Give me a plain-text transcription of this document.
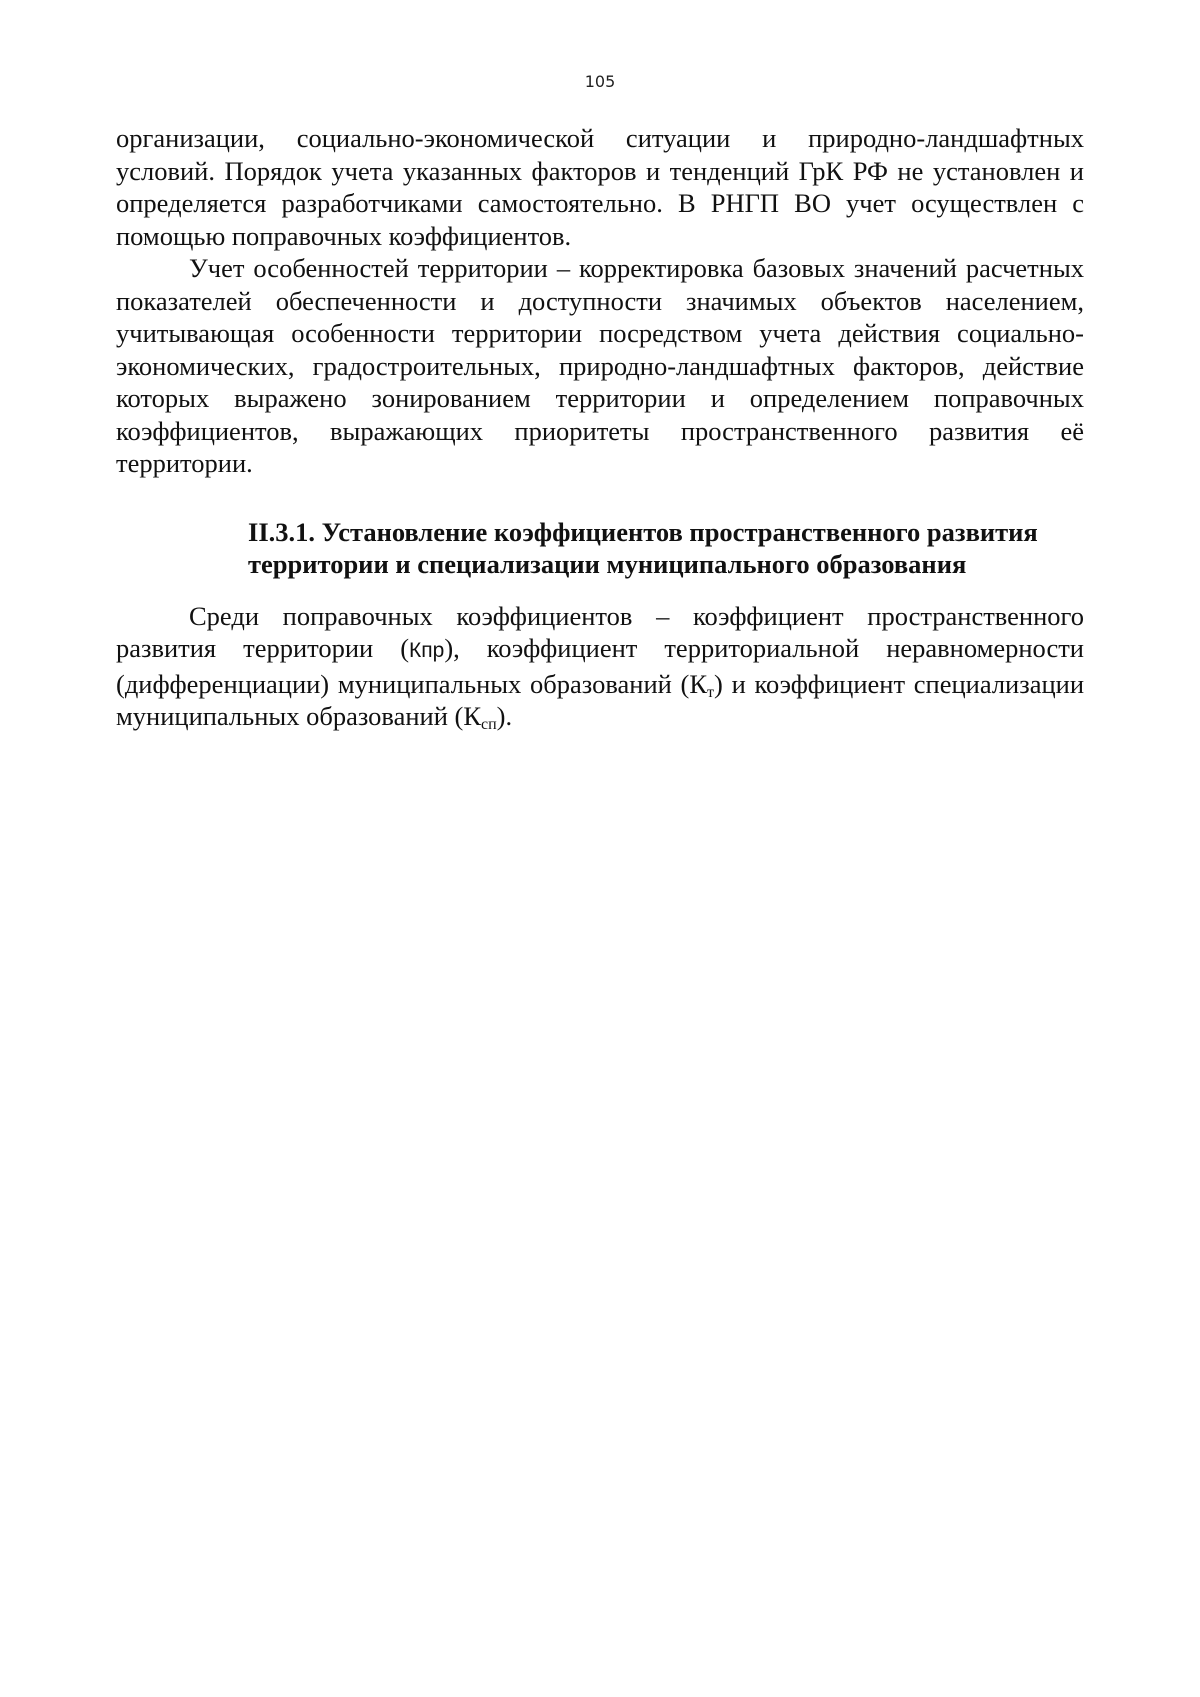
105

организации, социально-экономической ситуации и природно-ландшафтных условий. Порядок учета указанных факторов и тенденций ГрК РФ не установлен и определяется разработчиками самостоятельно. В РНГП ВО учет осуществлен с помощью поправочных коэффициентов.

Учет особенностей территории – корректировка базовых значений расчетных показателей обеспеченности и доступности значимых объектов населением, учитывающая особенности территории посредством учета действия социально-экономических, градостроительных, природно-ландшафтных факторов, действие которых выражено зонированием территории и определением поправочных коэффициентов, выражающих приоритеты пространственного развития её территории.

II.3.1. Установление коэффициентов пространственного развития
территории и специализации муниципального образования

Среди поправочных коэффициентов – коэффициент пространственного развития территории (Кпр), коэффициент территориальной неравномерности (дифференциации) муниципальных образований $(К_т)$ и коэффициент специализации муниципальных образований $(К_{сп})$.
